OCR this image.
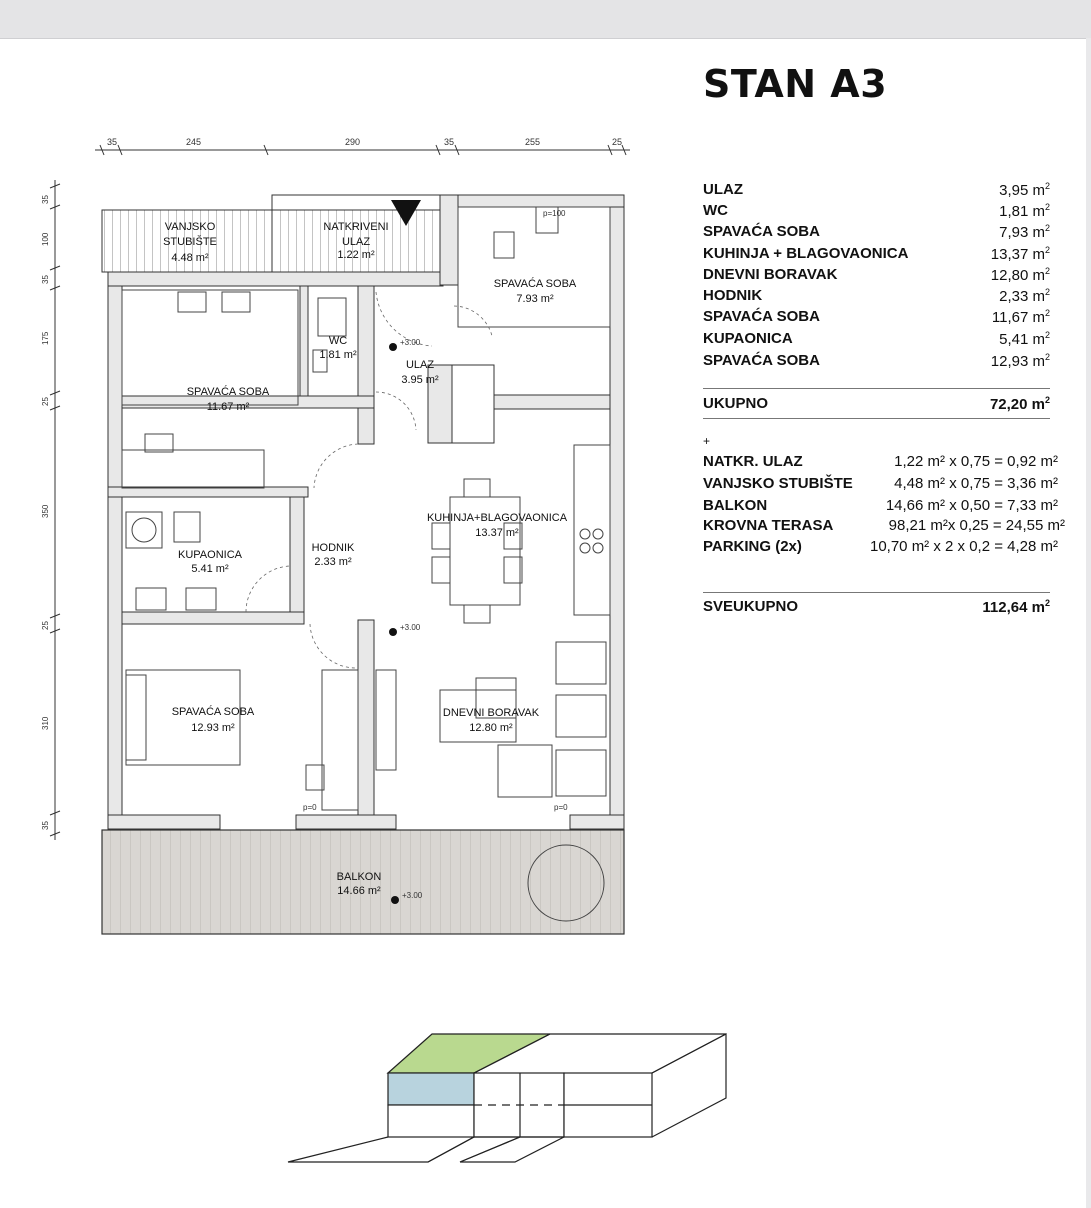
STAN A3
ULAZ	3,95 $m^2$
WC	1,81 $m^2$
SPAVAĆA SOBA	7,93 $m^2$
KUHINJA + BLAGOVAONICA	13,37 $m^2$
DNEVNI BORAVAK	12,80 $m^2$
HODNIK	2,33 $m^2$
SPAVAĆA SOBA	11,67 $m^2$
KUPAONICA	5,41 $m^2$
SPAVAĆA SOBA	12,93 $m^2$
UKUPNO	72,20 $m^2$
+
NATKR. ULAZ	1,22 m² x 0,75 = 0,92 m²
VANJSKO STUBIŠTE	4,48 m² x 0,75 = 3,36 m²
BALKON	14,66 m² x 0,50 = 7,33 m²
KROVNA TERASA	98,21 m²x 0,25 = 24,55 m²
PARKING (2x)	10,70 m² x 2 x 0,2 = 4,28 m²
SVEUKUPNO	112,64 $m^2$
35	245	290	35	255	25
35
100
35
175
25
350
25
310
35
VANJSKO
STUBIŠTE
4.48 m²
NATKRIVENI
ULAZ
1.22 m²
SPAVAĆA SOBA
7.93 m²
WC
1.81 m²
ULAZ
3.95 m²
SPAVAĆA SOBA
11.67 m²
KUPAONICA
5.41 m²
HODNIK
2.33 m²
KUHINJA+BLAGOVAONICA
13.37 m²
SPAVAĆA SOBA
12.93 m²
DNEVNI BORAVAK
12.80 m²
BALKON
14.66 m²
+3.00
+3.00
+3.00
p=100
p=0	p=0
